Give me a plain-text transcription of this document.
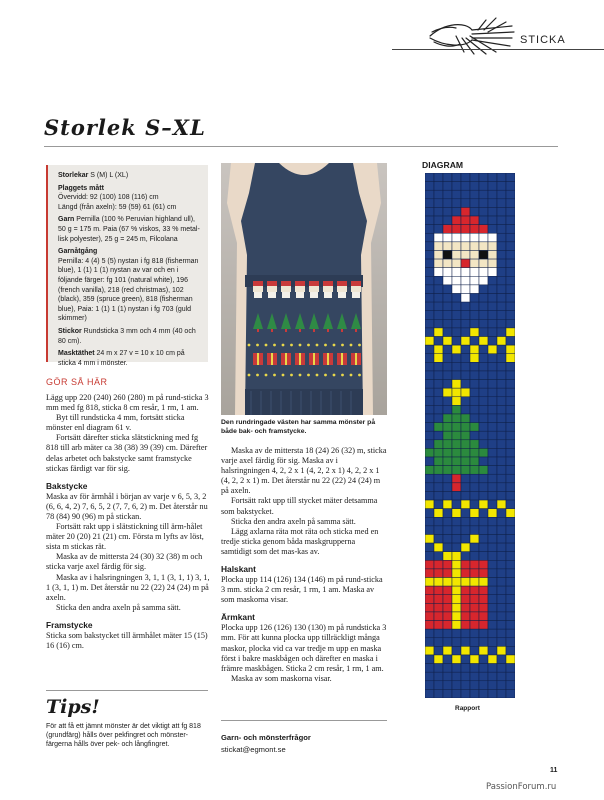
STICKA
Storlek S–XL
Storlekar S (M) L (XL)
Plaggets mått
Övervidd: 92 (100) 108 (116) cm
Längd (från axeln): 59 (59) 61 (61) cm
Garn Pernilla (100 % Peruvian highland ull), 50 g = 175 m. Paia (67 % viskos, 33 % metal-lisk polyester), 25 g = 245 m, Filcolana
Garnåtgång
Pernilla: 4 (4) 5 (5) nystan i fg 818 (fisherman blue), 1 (1) 1 (1) nystan av var och en i följande färger: fg 101 (natural white), 196 (french vanilla), 218 (red christmas), 102 (black), 359 (spruce green), 818 (fisherman blue), Paia: 1 (1) 1 (1) nystan i fg 703 (guld skimmer)
Stickor Rundsticka 3 mm och 4 mm (40 och 80 cm).
Masktäthet 24 m x 27 v = 10 x 10 cm på sticka 4 mm i mönster.
Den rundringade västen har samma mönster på både bak- och framstycke.
GÖR SÅ HÄR

Lägg upp 220 (240) 260 (280) m på rund-sticka 3 mm med fg 818, sticka 8 cm resår, 1 rm, 1 am.

Byt till rundsticka 4 mm, fortsätt sticka mönster enl diagram 61 v.

Fortsätt därefter sticka slätstickning med fg 818 till arb mäter ca 38 (38) 39 (39) cm. Därefter delas arbetet och bakstycke samt framstycke stickas färdigt var för sig.

Bakstycke

Maska av för ärmhål i början av varje v 6, 5, 3, 2 (6, 6, 4, 2) 7, 6, 5, 2 (7, 7, 6, 2) m. Det återstår nu 78 (84) 90 (96) m på stickan.

Fortsätt rakt upp i slätstickning till ärm-hålet mäter 20 (20) 21 (21) cm. Första m lyfts av löst, sista m stickas rät.

Maska av de mittersta 24 (30) 32 (38) m och sticka varje axel färdig för sig.

Maska av i halsringningen 3, 1, 1 (3, 1, 1) 3, 1, 1 (3, 1, 1) m. Det återstår nu 22 (22) 24 (24) m på axeln.

Sticka den andra axeln på samma sätt.

Framstycke

Sticka som bakstycket till ärmhålet mäter 15 (15) 16 (16) cm.

Maska av de mittersta 18 (24) 26 (32) m, sticka varje axel färdig för sig. Maska av i halsringningen 4, 2, 2 x 1 (4, 2, 2 x 1) 4, 2, 2 x 1 (4, 2, 2 x 1) m. Det återstår nu 22 (22) 24 (24) m på axeln.

Fortsätt rakt upp till stycket mäter detsamma som bakstycket.

Sticka den andra axeln på samma sätt.

Lägg axlarna räta mot räta och sticka med en tredje sticka genom båda maskgrupperna samtidigt som det mas-kas av.

Halskant

Plocka upp 114 (126) 134 (146) m på rund-sticka 3 mm. sticka 2 cm resår, 1 rm, 1 am. Maska av som maskorna visar.

Ärmkant

Plocka upp 126 (126) 130 (130) m på rundsticka 3 mm. För att kunna plocka upp tillräckligt många maskor, plocka vid ca var tredje m upp en maska först i bakre maskbågen och därefter en maska i främre maskbågen. Sticka 2 cm resår, 1 rm, 1 am.

Maska av som maskorna visar.

Tips!
För att få ett jämnt mönster är det viktigt att fg 818 (grundfärg) hålls över pekfingret och mönster-färgerna hålls över pek- och långfingret.
Garn- och mönsterfrågor
stickat@egmont.se
DIAGRAM
Rapport
11
PassionForum.ru
